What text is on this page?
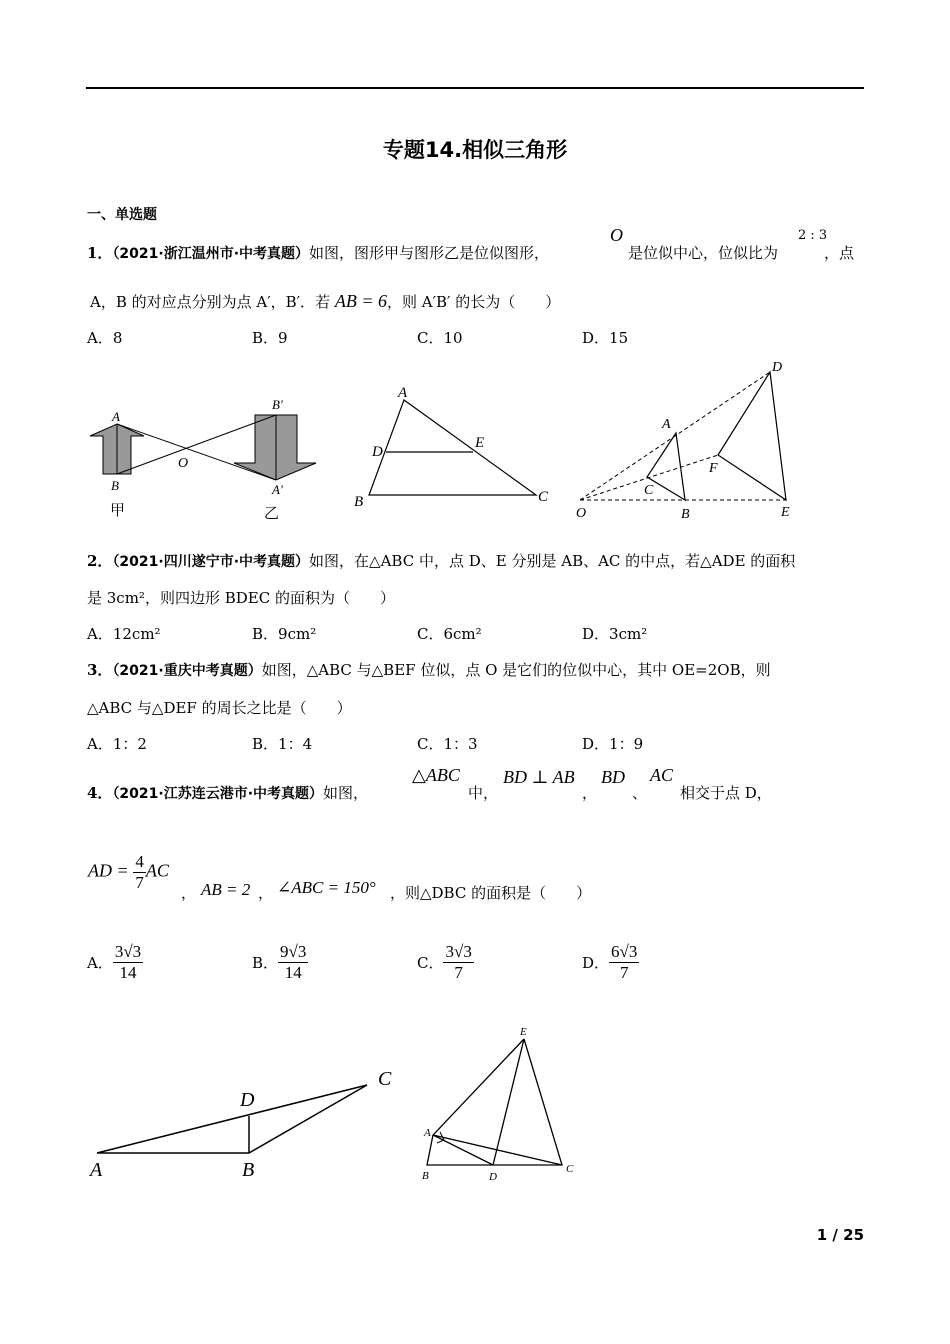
专题14.相似三角形
一、单选题
1．（2021·浙江温州市·中考真题）如图，图形甲与图形乙是位似图形，
O
是位似中心，位似比为
2 : 3
，点
A，B 的对应点分别为点 A′，B′．若 AB = 6，则 A′B′ 的长为（　　）
A．8	B．9	C．10	D．15
A
B
O
B′
A′
甲	乙
A
D
E
B	C
A
C
B
D
F
E
O
2．（2021·四川遂宁市·中考真题）如图，在△ABC 中，点 D、E 分别是 AB、AC 的中点，若△ADE 的面积
是 3cm²，则四边形 BDEC 的面积为（　　）
A．12cm²	B．9cm²	C．6cm²	D．3cm²
3．（2021·重庆中考真题）如图，△ABC 与△BEF 位似，点 O 是它们的位似中心，其中 OE=2OB，则
△ABC 与△DEF 的周长之比是（　　）
A．1：2	B．1：4	C．1：3	D．1：9
4．（2021·江苏连云港市·中考真题）如图，
△ABC
中，
BD ⊥ AB
，
BD
、
AC
相交于点 D，
AD = $\frac{4}{7}$ AC
， AB = 2 ， ∠ABC = 150° ，则△DBC 的面积是（　　）
A． $\frac{3√3}{14}$	B． $\frac{9√3}{14}$	C． $\frac{3√3}{7}$	D． $\frac{6√3}{7}$
A	B
D
C
E
A
B	D
C
1 / 25
